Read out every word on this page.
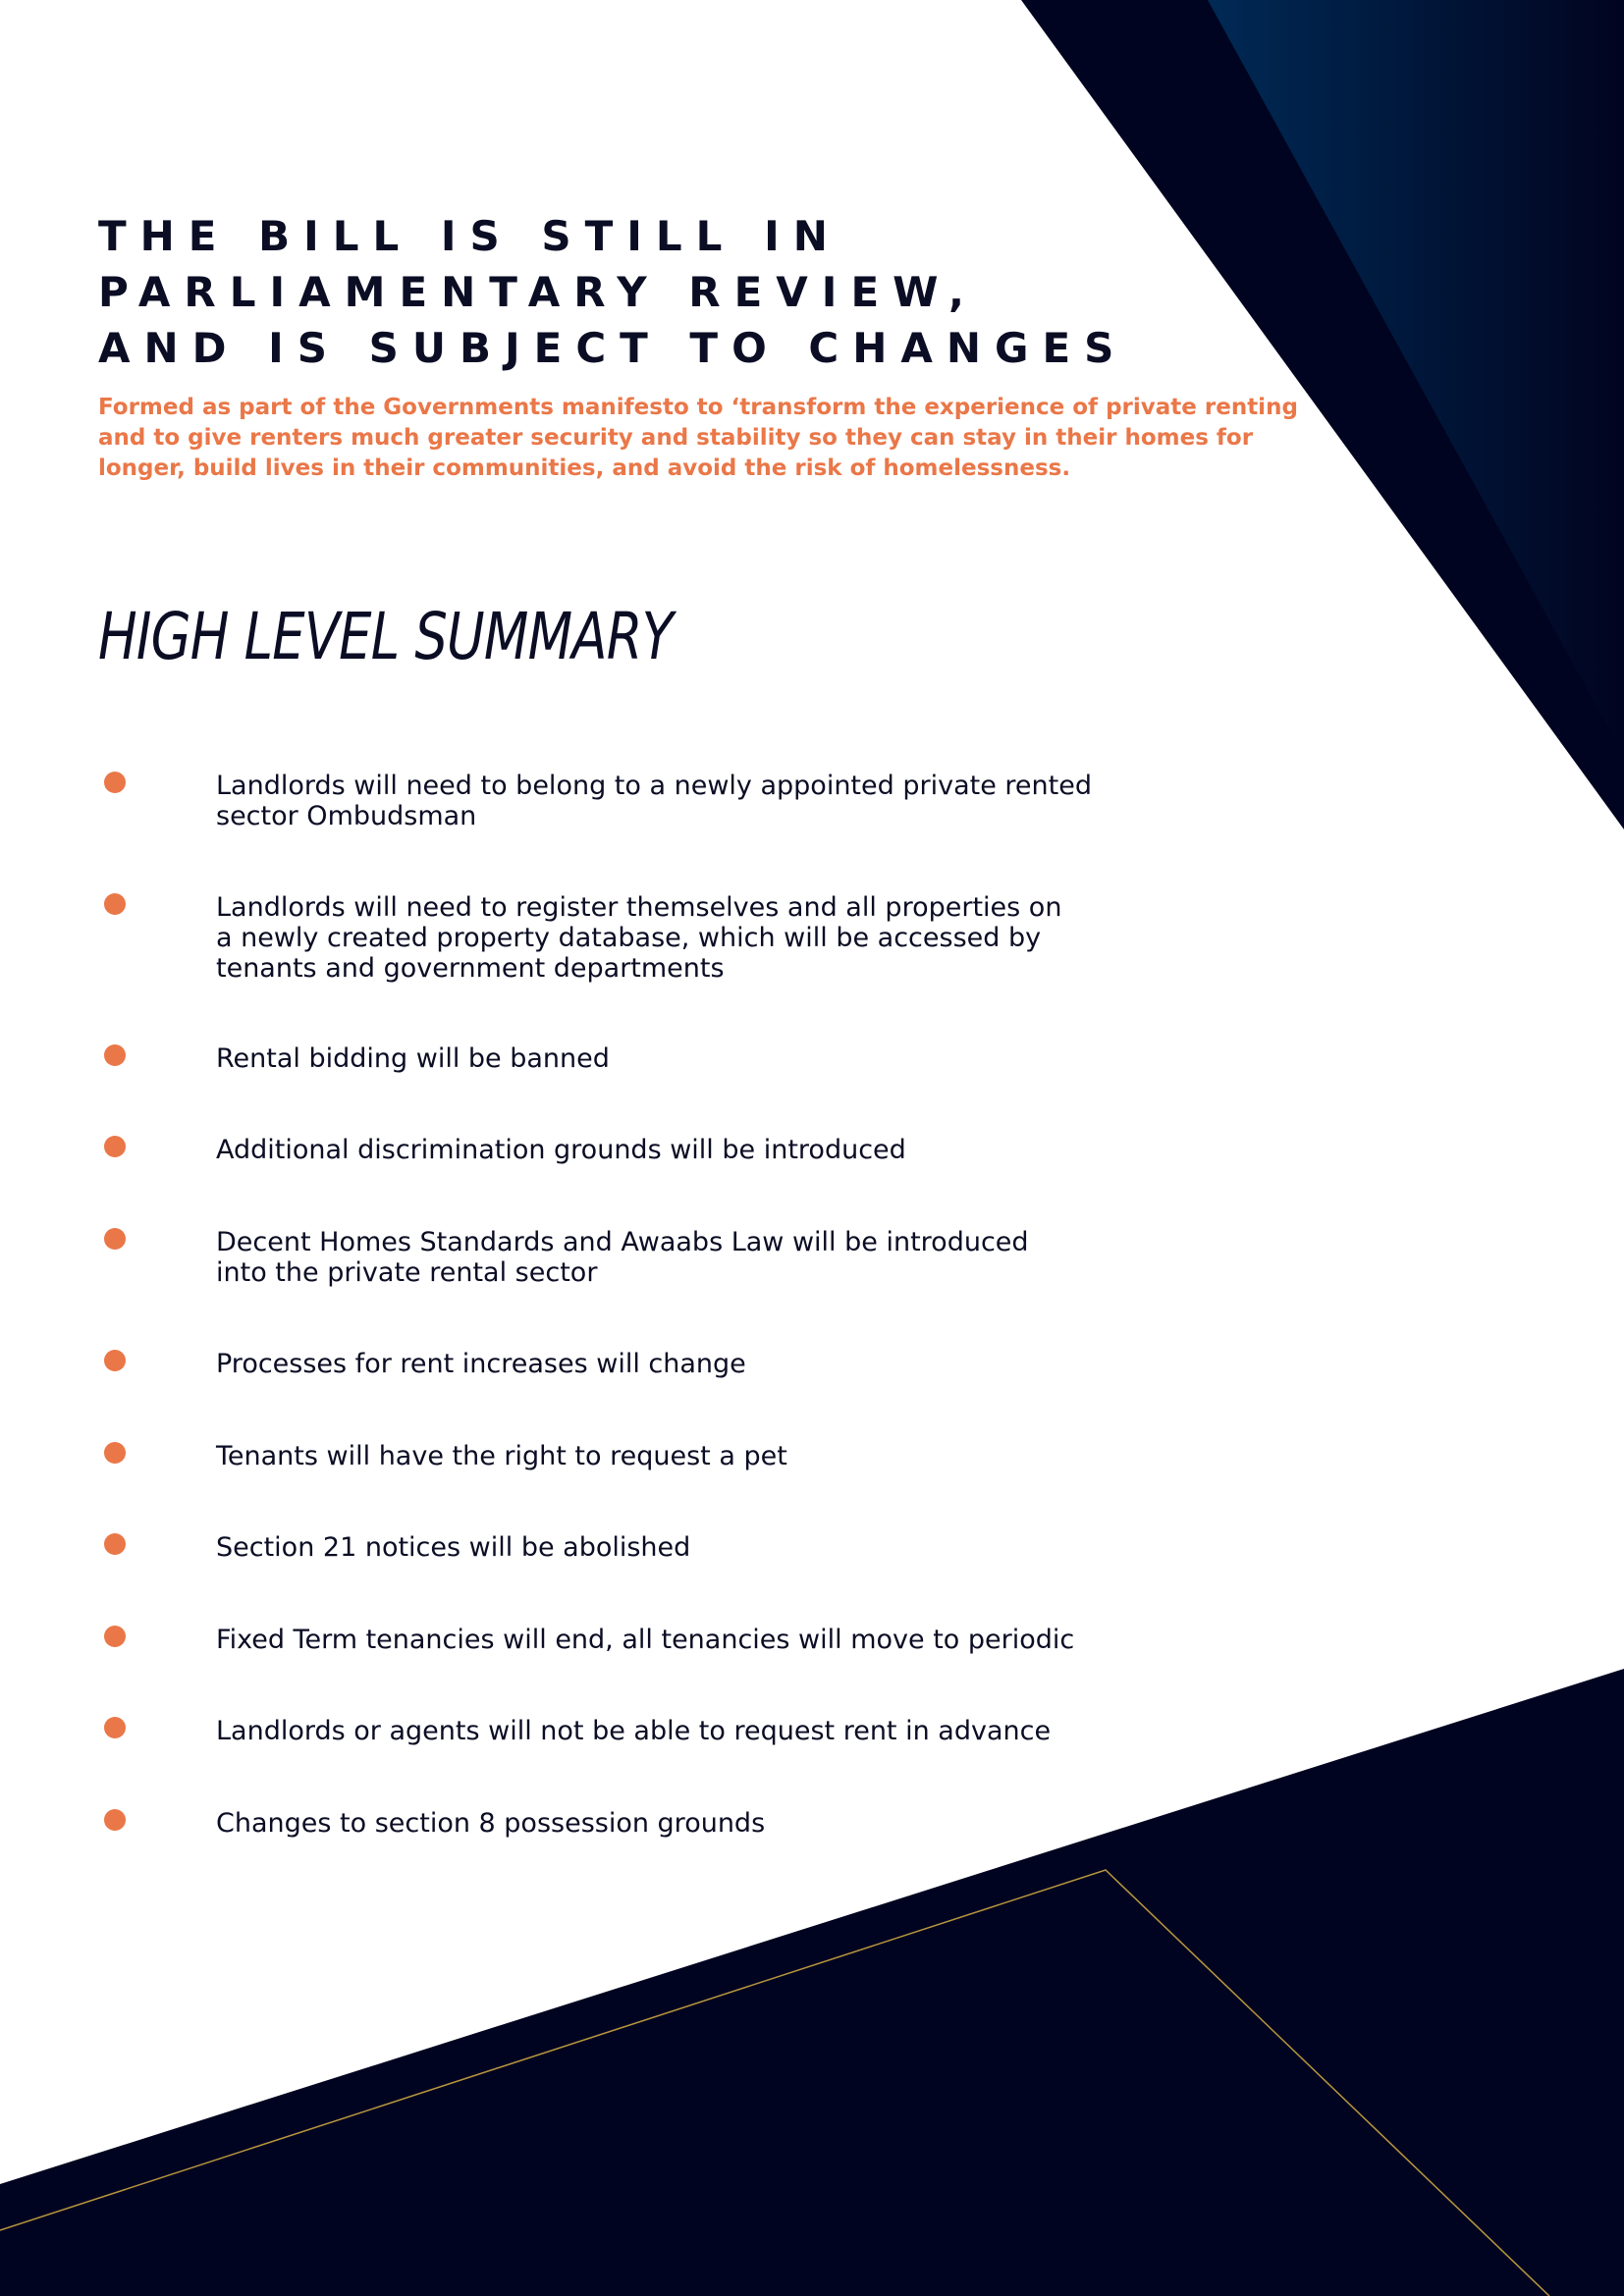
THE BILL IS STILL IN
PARLIAMENTARY REVIEW,
AND IS SUBJECT TO CHANGES

Formed as part of the Governments manifesto to ‘transform the experience of private renting and to give renters much greater security and stability so they can stay in their homes for longer, build lives in their communities, and avoid the risk of homelessness.

HIGH LEVEL SUMMARY
Landlords will need to belong to a newly appointed private rented
sector Ombudsman
Landlords will need to register themselves and all properties on
a newly created property database, which will be accessed by
tenants and government departments
Rental bidding will be banned
Additional discrimination grounds will be introduced
Decent Homes Standards and Awaabs Law will be introduced
into the private rental sector
Processes for rent increases will change
Tenants will have the right to request a pet
Section 21 notices will be abolished
Fixed Term tenancies will end, all tenancies will move to periodic
Landlords or agents will not be able to request rent in advance
Changes to section 8 possession grounds
